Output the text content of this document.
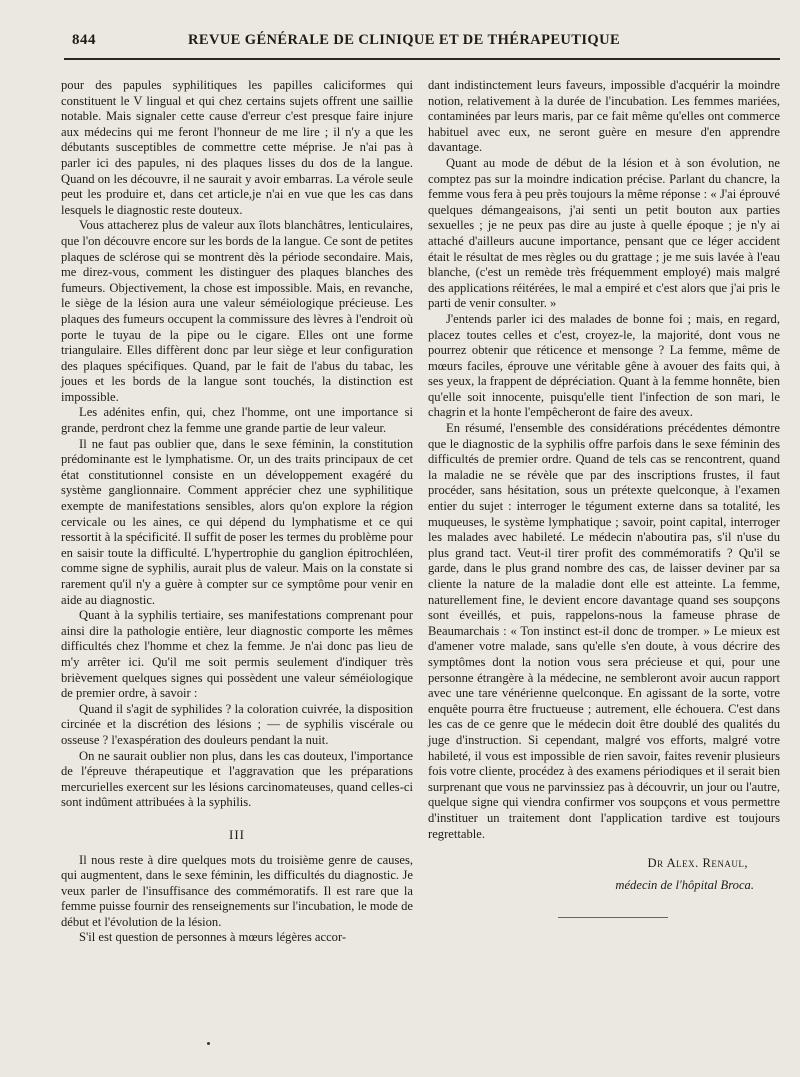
844	REVUE GÉNÉRALE DE CLINIQUE ET DE THÉRAPEUTIQUE

pour des papules syphilitiques les papilles caliciformes qui constituent le V lingual et qui chez certains sujets offrent une saillie notable. Mais signaler cette cause d'erreur c'est presque faire injure aux médecins qui me feront l'honneur de me lire ; il n'y a que les débutants susceptibles de commettre cette méprise. Je n'ai pas à parler ici des papules, ni des plaques lisses du dos de la langue. Quand on les découvre, il ne saurait y avoir embarras. La vérole seule peut les produire et, dans cet article,je n'ai en vue que les cas dans lesquels le diagnostic reste douteux.

Vous attacherez plus de valeur aux îlots blanchâtres, lenticulaires, que l'on découvre encore sur les bords de la langue. Ce sont de petites plaques de sclérose qui se montrent dès la période secondaire. Mais, me direz-vous, comment les distinguer des plaques blanches des fumeurs. Objectivement, la chose est impossible. Mais, en revanche, le siège de la lésion aura une valeur séméiologique précieuse. Les plaques des fumeurs occupent la commissure des lèvres à l'endroit où porte le tuyau de la pipe ou le cigare. Elles ont une forme triangulaire. Elles diffèrent donc par leur siège et leur configuration des plaques spécifiques. Quand, par le fait de l'abus du tabac, les joues et les bords de la langue sont touchés, la distinction est impossible.

Les adénites enfin, qui, chez l'homme, ont une importance si grande, perdront chez la femme une grande partie de leur valeur.

Il ne faut pas oublier que, dans le sexe féminin, la constitution prédominante est le lymphatisme. Or, un des traits principaux de cet état constitutionnel consiste en un développement exagéré du système ganglionnaire. Comment apprécier chez une syphilitique exempte de manifestations sensibles, alors qu'on explore la région cervicale ou les aines, ce qui dépend du lymphatisme et ce qui ressortit à la spécificité. Il suffit de poser les termes du problème pour en saisir toute la difficulté. L'hypertrophie du ganglion épitrochléen, comme signe de syphilis, aurait plus de valeur. Mais on la constate si rarement qu'il n'y a guère à compter sur ce symptôme pour venir en aide au diagnostic.

Quant à la syphilis tertiaire, ses manifestations comprenant pour ainsi dire la pathologie entière, leur diagnostic comporte les mêmes difficultés chez l'homme et chez la femme. Je n'ai donc pas lieu de m'y arrêter ici. Qu'il me soit permis seulement d'indiquer très brièvement quelques signes qui possèdent une valeur séméiologique de premier ordre, à savoir :

Quand il s'agit de syphilides ? la coloration cuivrée, la disposition circinée et la discrétion des lésions ; — de syphilis viscérale ou osseuse ? l'exaspération des douleurs pendant la nuit.

On ne saurait oublier non plus, dans les cas douteux, l'importance de l'épreuve thérapeutique et l'aggravation que les préparations mercurielles exercent sur les lésions carcinomateuses, quand celles-ci sont indûment attribuées à la syphilis.

III

Il nous reste à dire quelques mots du troisième genre de causes, qui augmentent, dans le sexe féminin, les difficultés du diagnostic. Je veux parler de l'insuffisance des commémoratifs. Il est rare que la femme puisse fournir des renseignements sur l'incubation, le mode de début et l'évolution de la lésion.

S'il est question de personnes à mœurs légères accor-

dant indistinctement leurs faveurs, impossible d'acquérir la moindre notion, relativement à la durée de l'incubation. Les femmes mariées, contaminées par leurs maris, par ce fait même qu'elles ont commerce habituel avec eux, ne seront guère en mesure d'en apprendre davantage.

Quant au mode de début de la lésion et à son évolution, ne comptez pas sur la moindre indication précise. Parlant du chancre, la femme vous fera à peu près toujours la même réponse : « J'ai éprouvé quelques démangeaisons, j'ai senti un petit bouton aux parties sexuelles ; je ne peux pas dire au juste à quelle époque ; je n'y ai attaché d'ailleurs aucune importance, pensant que ce léger accident était le résultat de mes règles ou du grattage ; je me suis lavée à l'eau blanche, (c'est un remède très fréquemment employé) mais malgré des applications réitérées, le mal a empiré et c'est alors que j'ai pris le parti de venir consulter. »

J'entends parler ici des malades de bonne foi ; mais, en regard, placez toutes celles et c'est, croyez-le, la majorité, dont vous ne pourrez obtenir que réticence et mensonge ? La femme, même de mœurs faciles, éprouve une véritable gêne à avouer des faits qui, à ses yeux, la frappent de dépréciation. Quant à la femme honnête, bien qu'elle soit innocente, puisqu'elle tient l'infection de son mari, le chagrin et la honte l'empêcheront de faire des aveux.

En résumé, l'ensemble des considérations précédentes démontre que le diagnostic de la syphilis offre parfois dans le sexe féminin des difficultés de premier ordre. Quand de tels cas se rencontrent, quand la maladie ne se révèle que par des inscriptions frustes, il faut procéder, sans hésitation, sous un prétexte quelconque, à l'examen entier du sujet : interroger le tégument externe dans sa totalité, les muqueuses, le système lymphatique ; savoir, point capital, interroger les malades avec habileté. Le médecin n'aboutira pas, s'il n'use du plus grand tact. Veut-il tirer profit des commémoratifs ? Qu'il se garde, dans le plus grand nombre des cas, de laisser deviner par sa cliente la nature de la maladie dont elle est atteinte. La femme, naturellement fine, le devient encore davantage quand ses soupçons sont éveillés, et puis, rappelons-nous la fameuse phrase de Beaumarchais : « Ton instinct est-il donc de tromper. » Le mieux est d'amener votre malade, sans qu'elle s'en doute, à vous décrire des symptômes dont la notion vous sera précieuse et qui, pour une personne étrangère à la médecine, ne sembleront avoir aucun rapport avec une tare vénérienne quelconque. En agissant de la sorte, votre enquête pourra être fructueuse ; autrement, elle échouera. C'est dans les cas de ce genre que le médecin doit être doublé des qualités du juge d'instruction. Si cependant, malgré vos efforts, malgré votre habileté, il vous est impossible de rien savoir, faites revenir plusieurs fois votre cliente, procédez à des examens périodiques et il serait bien surprenant que vous ne parvinssiez pas à découvrir, un jour ou l'autre, quelque signe qui viendra confirmer vos soupçons et vous permettre d'instituer un traitement dont l'application tardive est toujours regrettable.

Dr Alex. Renaul,
médecin de l'hôpital Broca.
